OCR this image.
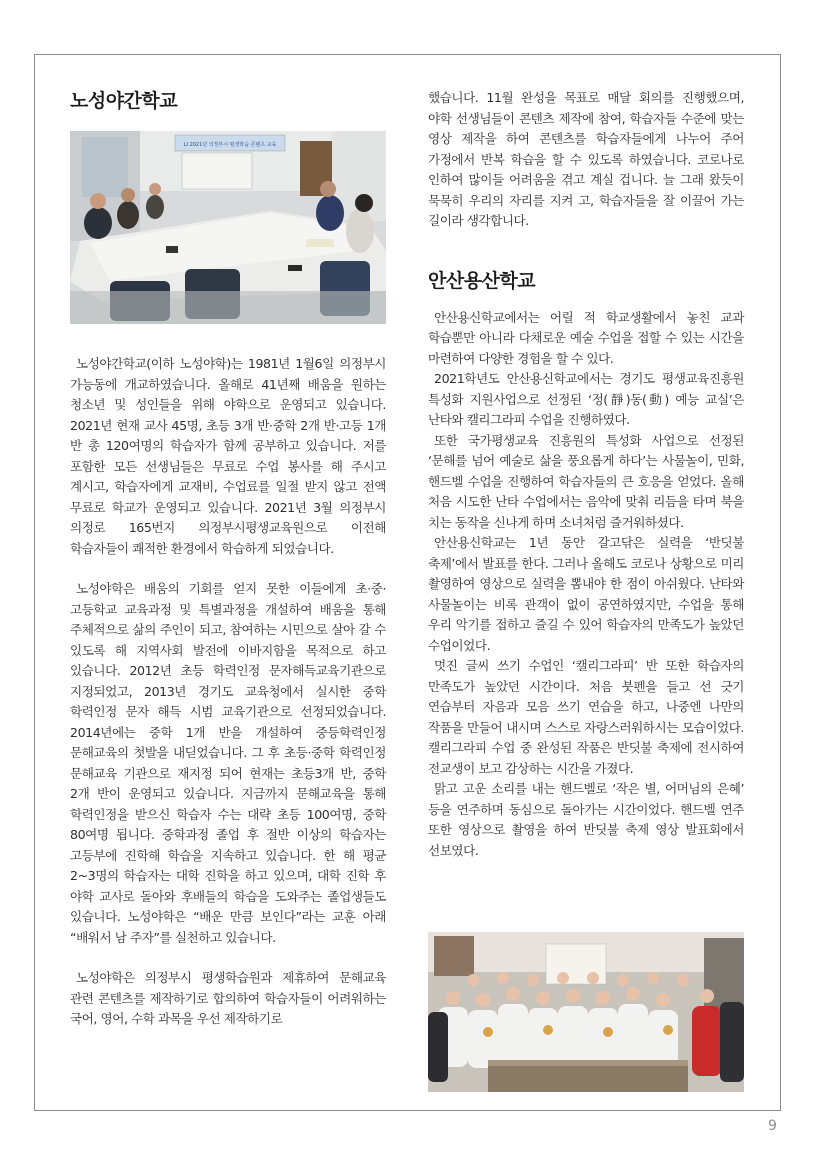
노성야간학교
LI 2021년 의정부시 평생학습 콘텐츠 교육

노성야간학교(이하 노성야학)는 1981년 1월6일 의정부시 가능동에 개교하였습니다. 올해로 41년째 배움을 원하는 청소년 및 성인들을 위해 야학으로 운영되고 있습니다. 2021년 현재 교사 45명, 초등 3개 반·중학 2개 반·고등 1개 반 총 120여명의 학습자가 함께 공부하고 있습니다. 저를 포함한 모든 선생님들은 무료로 수업 봉사를 해 주시고 계시고, 학습자에게 교재비, 수업료를 일절 받지 않고 전액 무료로 학교가 운영되고 있습니다. 2021년 3월 의정부시 의정로 165번지 의정부시평생교육원으로 이전해 학습자들이 쾌적한 환경에서 학습하게 되었습니다.

노성야학은 배움의 기회를 얻지 못한 이들에게 초·중·고등학교 교육과정 및 특별과정을 개설하여 배움을 통해 주체적으로 삶의 주인이 되고, 참여하는 시민으로 살아 갈 수 있도록 해 지역사회 발전에 이바지함을 목적으로 하고 있습니다. 2012년 초등 학력인정 문자해득교육기관으로 지정되었고, 2013년 경기도 교육청에서 실시한 중학 학력인정 문자 해득 시범 교육기관으로 선정되었습니다. 2014년에는 중학 1개 반을 개설하여 중등학력인정 문해교육의 첫발을 내딛었습니다. 그 후 초등·중학 학력인정 문해교육 기관으로 재지정 되어 현재는 초등3개 반, 중학 2개 반이 운영되고 있습니다. 지금까지 문해교육을 통해 학력인정을 받으신 학습자 수는 대략 초등 100여명, 중학 80여명 됩니다. 중학과정 졸업 후 절반 이상의 학습자는 고등부에 진학해 학습을 지속하고 있습니다. 한 해 평균 2~3명의 학습자는 대학 진학을 하고 있으며, 대학 진학 후 야학 교사로 돌아와 후배들의 학습을 도와주는 졸업생들도 있습니다. 노성야학은 “배운 만큼 보인다”라는 교훈 아래 “배워서 남 주자”를 실천하고 있습니다.

노성야학은 의정부시 평생학습원과 제휴하여 문해교육 관련 콘텐츠를 제작하기로 합의하여 학습자들이 어려워하는 국어, 영어, 수학 과목을 우선 제작하기로

했습니다. 11월 완성을 목표로 매달 회의를 진행했으며, 야학 선생님들이 콘텐츠 제작에 참여, 학습자들 수준에 맞는 영상 제작을 하여 콘텐츠를 학습자들에게 나누어 주어 가정에서 반복 학습을 할 수 있도록 하였습니다. 코로나로 인하여 많이들 어려움을 겪고 계실 겁니다. 늘 그래 왔듯이 묵묵히 우리의 자리를 지켜 고, 학습자들을 잘 이끌어 가는 길이라 생각합니다.

안산용산학교

안산용신학교에서는 어릴 적 학교생활에서 놓친 교과 학습뿐만 아니라 다채로운 예술 수업을 접할 수 있는 시간을 마련하여 다양한 경험을 할 수 있다.

2021학년도 안산용신학교에서는 경기도 평생교육진흥원 특성화 지원사업으로 선정된 ‘정(靜)동(動) 예능 교실’은 난타와 캘리그라피 수업을 진행하였다.

또한 국가평생교육 진흥원의 특성화 사업으로 선정된 ‘문해를 넘어 예술로 삶을 풍요롭게 하다’는 사물놀이, 민화, 핸드벨 수업을 진행하여 학습자들의 큰 호응을 얻었다. 올해 처음 시도한 난타 수업에서는 음악에 맞춰 리듬을 타며 북을 치는 동작을 신나게 하며 소녀처럼 즐거워하셨다.

안산용신학교는 1년 동안 갈고닦은 실력을 ‘반딧불 축제’에서 발표를 한다. 그러나 올해도 코로나 상황으로 미리 촬영하여 영상으로 실력을 뽐내야 한 점이 아쉬웠다. 난타와 사물놀이는 비록 관객이 없이 공연하였지만, 수업을 통해 우리 악기를 접하고 즐길 수 있어 학습자의 만족도가 높았던 수업이었다.

멋진 글씨 쓰기 수업인 ‘캘리그라피’ 반 또한 학습자의 만족도가 높았던 시간이다. 처음 붓펜을 들고 선 긋기 연습부터 자음과 모음 쓰기 연습을 하고, 나중엔 나만의 작품을 만들어 내시며 스스로 자랑스러워하시는 모습이었다. 캘리그라피 수업 중 완성된 작품은 반딧불 축제에 전시하여 전교생이 보고 감상하는 시간을 가졌다.

맑고 고운 소리를 내는 핸드벨로 ‘작은 별, 어머님의 은혜’ 등을 연주하며 동심으로 돌아가는 시간이었다. 핸드벨 연주 또한 영상으로 촬영을 하여 반딧불 축제 영상 발표회에서 선보였다.

9
